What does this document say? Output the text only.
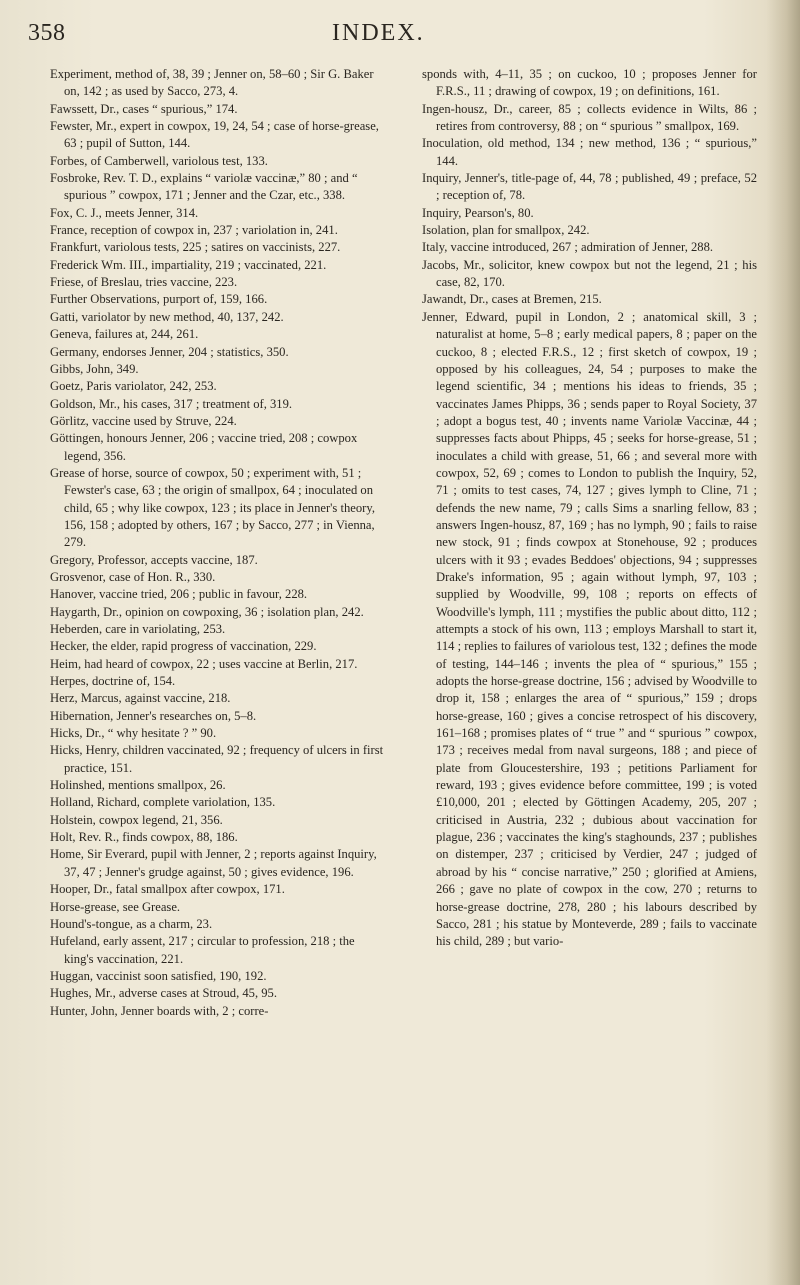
358	INDEX.

Experiment, method of, 38, 39 ; Jenner on, 58–60 ; Sir G. Baker on, 142 ; as used by Sacco, 273, 4.

Fawssett, Dr., cases “ spurious,” 174.

Fewster, Mr., expert in cowpox, 19, 24, 54 ; case of horse-grease, 63 ; pupil of Sutton, 144.

Forbes, of Camberwell, variolous test, 133.

Fosbroke, Rev. T. D., explains “ variolæ vaccinæ,” 80 ; and “ spurious ” cowpox, 171 ; Jenner and the Czar, etc., 338.

Fox, C. J., meets Jenner, 314.

France, reception of cowpox in, 237 ; variolation in, 241.

Frankfurt, variolous tests, 225 ; satires on vaccinists, 227.

Frederick Wm. III., impartiality, 219 ; vaccinated, 221.

Friese, of Breslau, tries vaccine, 223.

Further Observations, purport of, 159, 166.

Gatti, variolator by new method, 40, 137, 242.

Geneva, failures at, 244, 261.

Germany, endorses Jenner, 204 ; statistics, 350.

Gibbs, John, 349.

Goetz, Paris variolator, 242, 253.

Goldson, Mr., his cases, 317 ; treatment of, 319.

Görlitz, vaccine used by Struve, 224.

Göttingen, honours Jenner, 206 ; vaccine tried, 208 ; cowpox legend, 356.

Grease of horse, source of cowpox, 50 ; experiment with, 51 ; Fewster's case, 63 ; the origin of smallpox, 64 ; inoculated on child, 65 ; why like cowpox, 123 ; its place in Jenner's theory, 156, 158 ; adopted by others, 167 ; by Sacco, 277 ; in Vienna, 279.

Gregory, Professor, accepts vaccine, 187.

Grosvenor, case of Hon. R., 330.

Hanover, vaccine tried, 206 ; public in favour, 228.

Haygarth, Dr., opinion on cowpoxing, 36 ; isolation plan, 242.

Heberden, care in variolating, 253.

Hecker, the elder, rapid progress of vaccination, 229.

Heim, had heard of cowpox, 22 ; uses vaccine at Berlin, 217.

Herpes, doctrine of, 154.

Herz, Marcus, against vaccine, 218.

Hibernation, Jenner's researches on, 5–8.

Hicks, Dr., “ why hesitate ? ” 90.

Hicks, Henry, children vaccinated, 92 ; frequency of ulcers in first practice, 151.

Holinshed, mentions smallpox, 26.

Holland, Richard, complete variolation, 135.

Holstein, cowpox legend, 21, 356.

Holt, Rev. R., finds cowpox, 88, 186.

Home, Sir Everard, pupil with Jenner, 2 ; reports against Inquiry, 37, 47 ; Jenner's grudge against, 50 ; gives evidence, 196.

Hooper, Dr., fatal smallpox after cowpox, 171.

Horse-grease, see Grease.

Hound's-tongue, as a charm, 23.

Hufeland, early assent, 217 ; circular to profession, 218 ; the king's vaccination, 221.

Huggan, vaccinist soon satisfied, 190, 192.

Hughes, Mr., adverse cases at Stroud, 45, 95.

Hunter, John, Jenner boards with, 2 ; corre-

sponds with, 4–11, 35 ; on cuckoo, 10 ; proposes Jenner for F.R.S., 11 ; drawing of cowpox, 19 ; on definitions, 161.

Ingen-housz, Dr., career, 85 ; collects evidence in Wilts, 86 ; retires from controversy, 88 ; on “ spurious ” smallpox, 169.

Inoculation, old method, 134 ; new method, 136 ; “ spurious,” 144.

Inquiry, Jenner's, title-page of, 44, 78 ; published, 49 ; preface, 52 ; reception of, 78.

Inquiry, Pearson's, 80.

Isolation, plan for smallpox, 242.

Italy, vaccine introduced, 267 ; admiration of Jenner, 288.

Jacobs, Mr., solicitor, knew cowpox but not the legend, 21 ; his case, 82, 170.

Jawandt, Dr., cases at Bremen, 215.

Jenner, Edward, pupil in London, 2 ; anatomical skill, 3 ; naturalist at home, 5–8 ; early medical papers, 8 ; paper on the cuckoo, 8 ; elected F.R.S., 12 ; first sketch of cowpox, 19 ; opposed by his colleagues, 24, 54 ; purposes to make the legend scientific, 34 ; mentions his ideas to friends, 35 ; vaccinates James Phipps, 36 ; sends paper to Royal Society, 37 ; adopt a bogus test, 40 ; invents name Variolæ Vaccinæ, 44 ; suppresses facts about Phipps, 45 ; seeks for horse-grease, 51 ; inoculates a child with grease, 51, 66 ; and several more with cowpox, 52, 69 ; comes to London to publish the Inquiry, 52, 71 ; omits to test cases, 74, 127 ; gives lymph to Cline, 71 ; defends the new name, 79 ; calls Sims a snarling fellow, 83 ; answers Ingen-housz, 87, 169 ; has no lymph, 90 ; fails to raise new stock, 91 ; finds cowpox at Stonehouse, 92 ; produces ulcers with it 93 ; evades Beddoes' objections, 94 ; suppresses Drake's information, 95 ; again without lymph, 97, 103 ; supplied by Woodville, 99, 108 ; reports on effects of Woodville's lymph, 111 ; mystifies the public about ditto, 112 ; attempts a stock of his own, 113 ; employs Marshall to start it, 114 ; replies to failures of variolous test, 132 ; defines the mode of testing, 144–146 ; invents the plea of “ spurious,” 155 ; adopts the horse-grease doctrine, 156 ; advised by Woodville to drop it, 158 ; enlarges the area of “ spurious,” 159 ; drops horse-grease, 160 ; gives a concise retrospect of his discovery, 161–168 ; promises plates of “ true ” and “ spurious ” cowpox, 173 ; receives medal from naval surgeons, 188 ; and piece of plate from Gloucestershire, 193 ; petitions Parliament for reward, 193 ; gives evidence before committee, 199 ; is voted £10,000, 201 ; elected by Göttingen Academy, 205, 207 ; criticised in Austria, 232 ; dubious about vaccination for plague, 236 ; vaccinates the king's staghounds, 237 ; publishes on distemper, 237 ; criticised by Verdier, 247 ; judged of abroad by his “ concise narrative,” 250 ; glorified at Amiens, 266 ; gave no plate of cowpox in the cow, 270 ; returns to horse-grease doctrine, 278, 280 ; his labours described by Sacco, 281 ; his statue by Monteverde, 289 ; fails to vaccinate his child, 289 ; but vario-
